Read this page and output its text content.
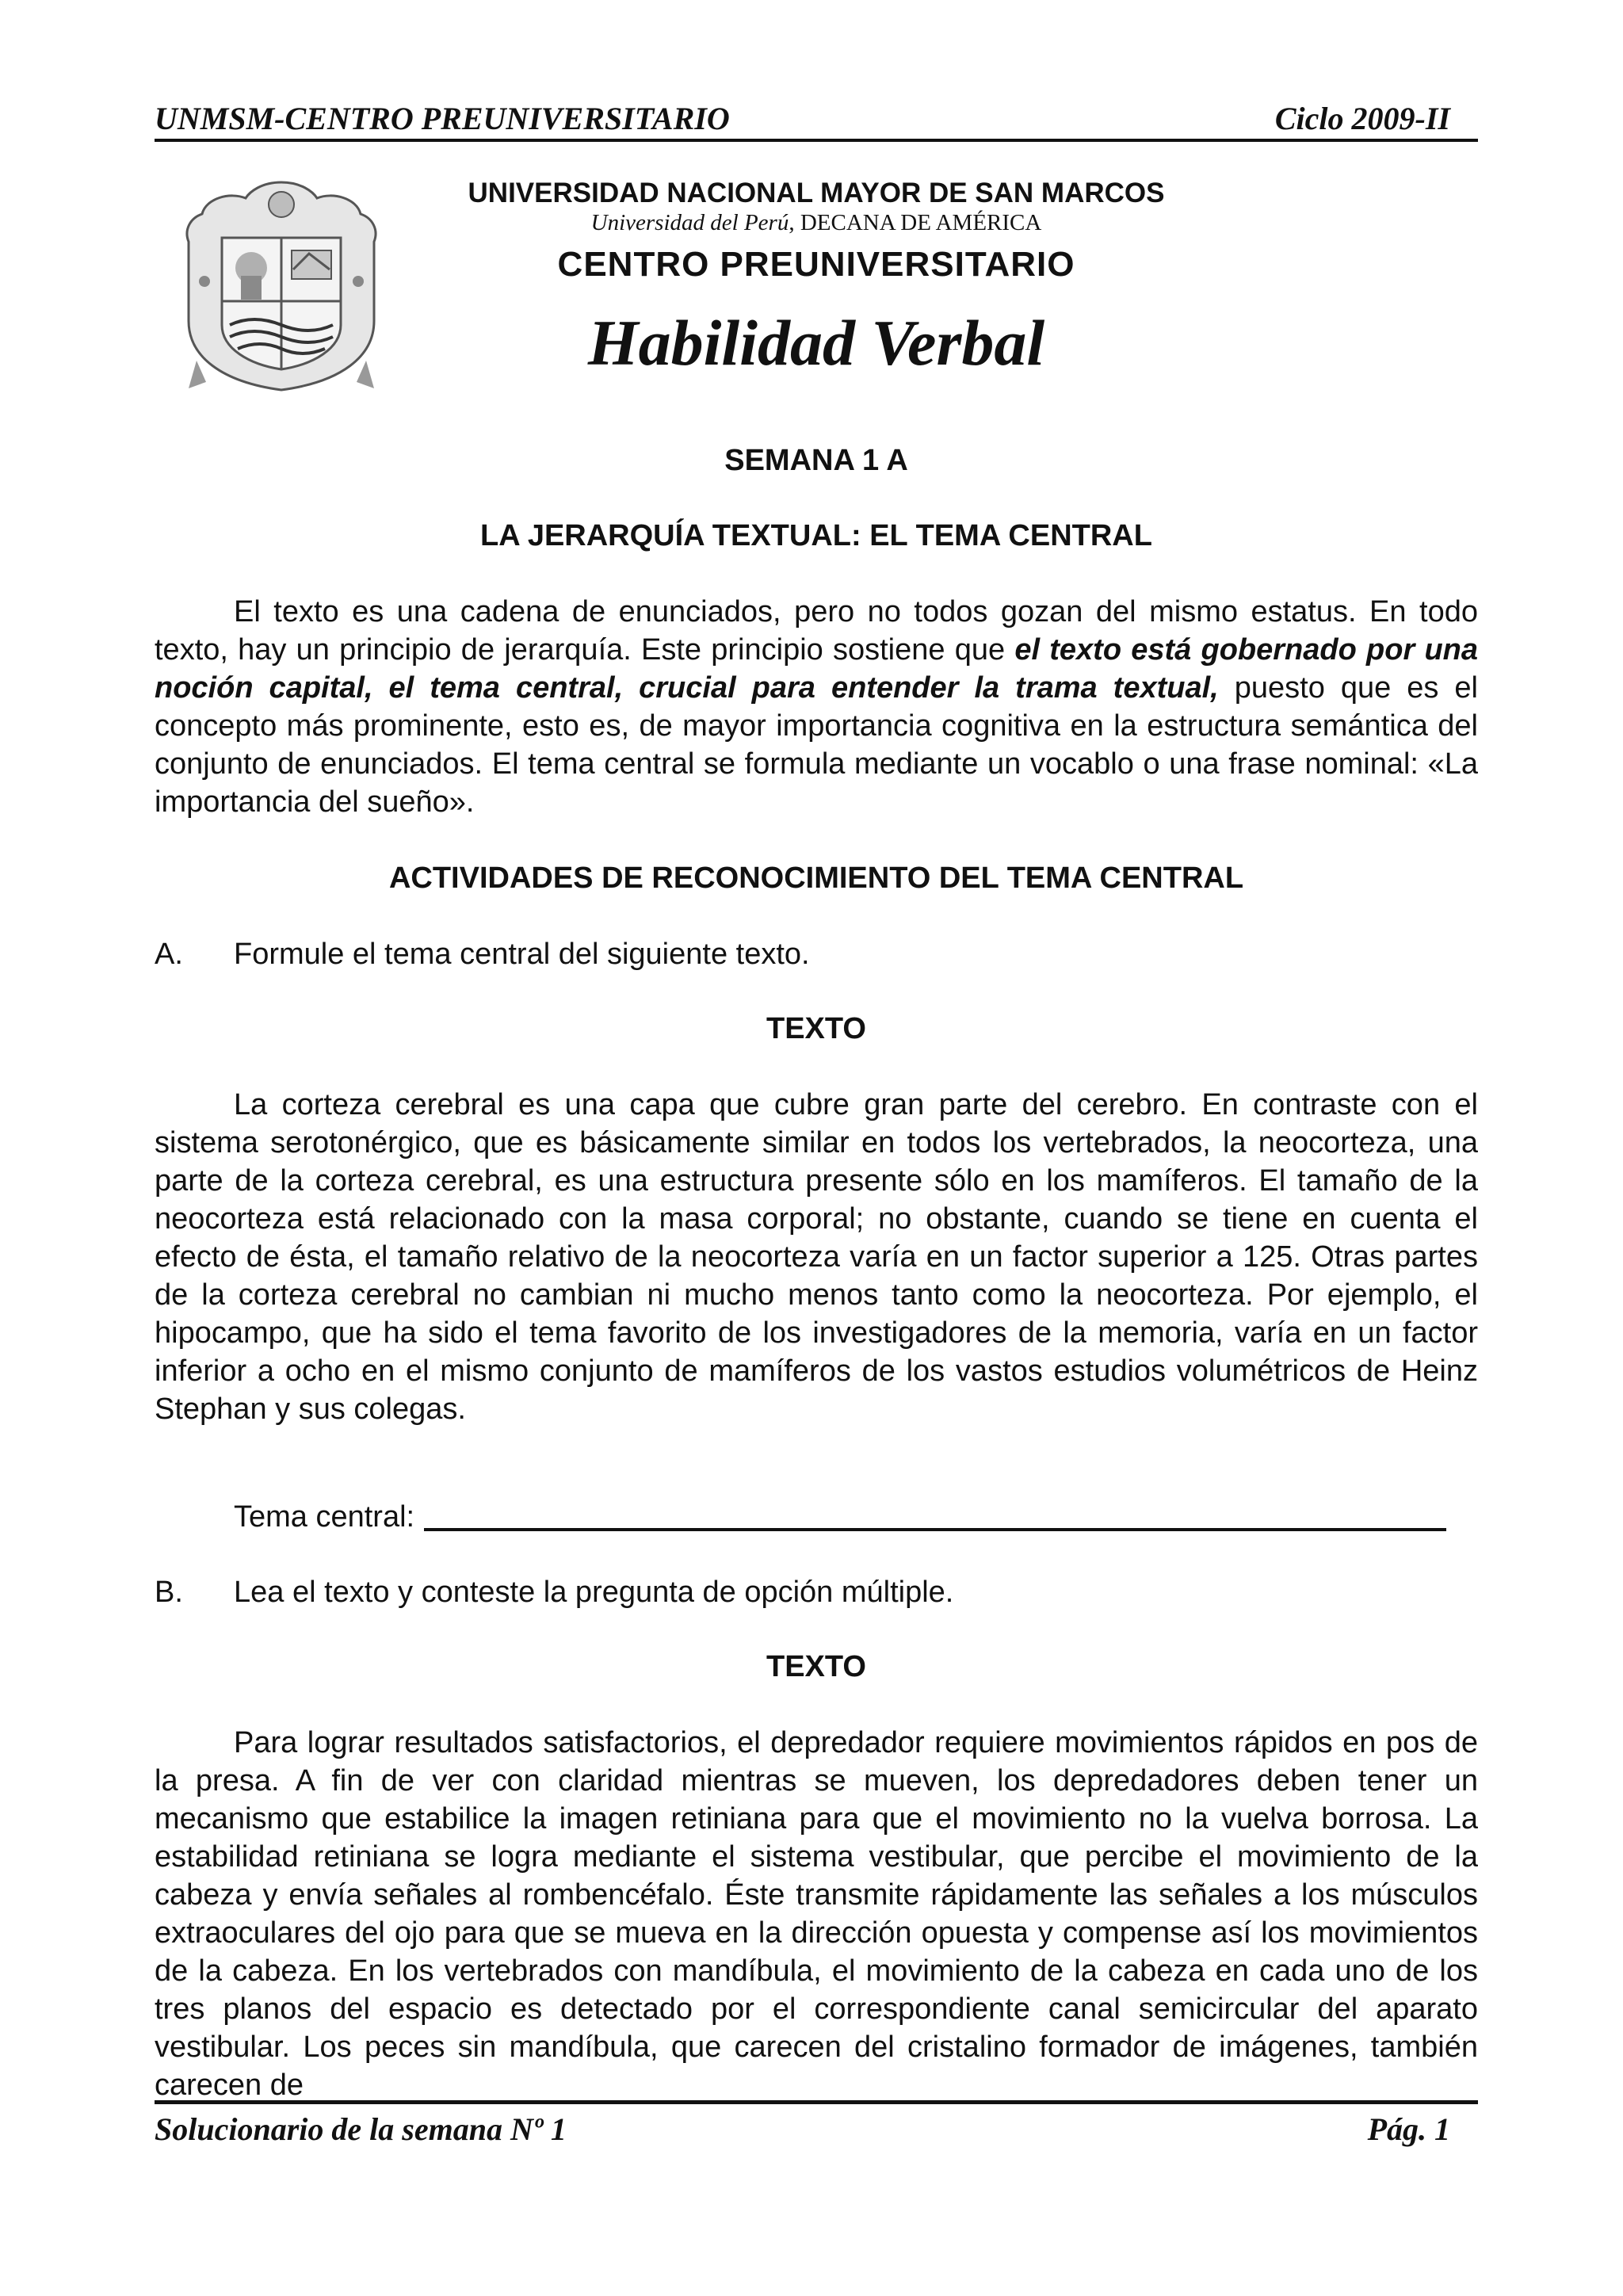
UNMSM-CENTRO PREUNIVERSITARIO	Ciclo 2009-II
UNIVERSIDAD NACIONAL MAYOR DE SAN MARCOS
Universidad del Perú, DECANA DE AMÉRICA
CENTRO PREUNIVERSITARIO
Habilidad Verbal
SEMANA 1 A
LA JERARQUÍA TEXTUAL: EL TEMA CENTRAL

El texto es una cadena de enunciados, pero no todos gozan del mismo estatus. En todo texto, hay un principio de jerarquía. Este principio sostiene que el texto está gobernado por una noción capital, el tema central, crucial para entender la trama textual, puesto que es el concepto más prominente, esto es, de mayor importancia cognitiva en la estructura semántica del conjunto de enunciados. El tema central se formula mediante un vocablo o una frase nominal: «La importancia del sueño».

ACTIVIDADES DE RECONOCIMIENTO DEL TEMA CENTRAL
A. Formule el tema central del siguiente texto.
TEXTO

La corteza cerebral es una capa que cubre gran parte del cerebro. En contraste con el sistema serotonérgico, que es básicamente similar en todos los vertebrados, la neocorteza, una parte de la corteza cerebral, es una estructura presente sólo en los mamíferos. El tamaño de la neocorteza está relacionado con la masa corporal; no obstante, cuando se tiene en cuenta el efecto de ésta, el tamaño relativo de la neocorteza varía en un factor superior a 125. Otras partes de la corteza cerebral no cambian ni mucho menos tanto como la neocorteza. Por ejemplo, el hipocampo, que ha sido el tema favorito de los investigadores de la memoria, varía en un factor inferior a ocho en el mismo conjunto de mamíferos de los vastos estudios volumétricos de Heinz Stephan y sus colegas.

Tema central:
B. Lea el texto y conteste la pregunta de opción múltiple.
TEXTO

Para lograr resultados satisfactorios, el depredador requiere movimientos rápidos en pos de la presa. A fin de ver con claridad mientras se mueven, los depredadores deben tener un mecanismo que estabilice la imagen retiniana para que el movimiento no la vuelva borrosa. La estabilidad retiniana se logra mediante el sistema vestibular, que percibe el movimiento de la cabeza y envía señales al rombencéfalo. Éste transmite rápidamente las señales a los músculos extraoculares del ojo para que se mueva en la dirección opuesta y compense así los movimientos de la cabeza. En los vertebrados con mandíbula, el movimiento de la cabeza en cada uno de los tres planos del espacio es detectado por el correspondiente canal semicircular del aparato vestibular. Los peces sin mandíbula, que carecen del cristalino formador de imágenes, también carecen de

Solucionario de la semana Nº 1	Pág. 1
